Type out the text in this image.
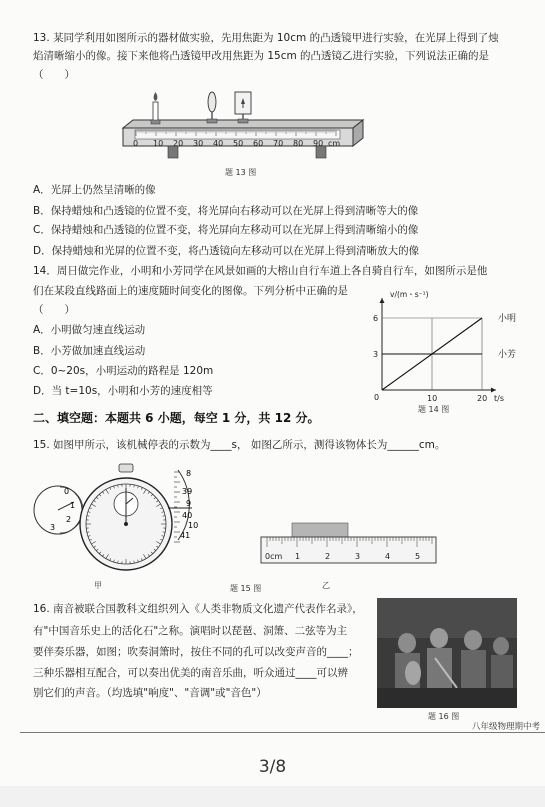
13. 某同学利用如图所示的器材做实验，先用焦距为 10cm 的凸透镜甲进行实验，在光屏上得到了烛
焰清晰缩小的像。接下来他将凸透镜甲改用焦距为 15cm 的凸透镜乙进行实验，下列说法正确的是
（　　）
0 10 20 30 40 50 60 70 80 90 cm
题 13 图
A．光屏上仍然呈清晰的像
B．保持蜡烛和凸透镜的位置不变，将光屏向右移动可以在光屏上得到清晰等大的像
C．保持蜡烛和凸透镜的位置不变，将光屏向左移动可以在光屏上得到清晰缩小的像
D．保持蜡烛和光屏的位置不变，将凸透镜向左移动可以在光屏上得到清晰放大的像
14．周日做完作业，小明和小芳同学在风景如画的大榕山自行车道上各自骑自行车，如图所示是他
们在某段直线路面上的速度随时间变化的图像。下列分析中正确的是
（　　）
A．小明做匀速直线运动
B．小芳做加速直线运动
C．0~20s，小明运动的路程是 120m
D．当 t=10s，小明和小芳的速度相等
v/(m・s⁻¹)
t/s
0	10	20
3
6	小明
小芳
题 14 图
二、填空题：本题共 6 小题，每空 1 分，共 12 分。
15. 如图甲所示，该机械停表的示数为____s， 如图乙所示，测得该物体长为______cm。
0
1
2
3
8
39
9
40
10
41
甲
0cm 1	2	3	4	5
题 15 图	乙
16. 南音被联合国教科文组织列入《人类非物质文化遗产代表作名录》，
有"中国音乐史上的活化石"之称。演唱时以琵琶、洞箫、二弦等为主
要伴奏乐器，如图；吹奏洞箫时，按住不同的孔可以改变声音的____；
三种乐器相互配合，可以奏出优美的南音乐曲，听众通过____可以辨
别它们的声音。（均选填"响度"、"音调"或"音色"）
题 16 图
八年级物理期中考
3/8
